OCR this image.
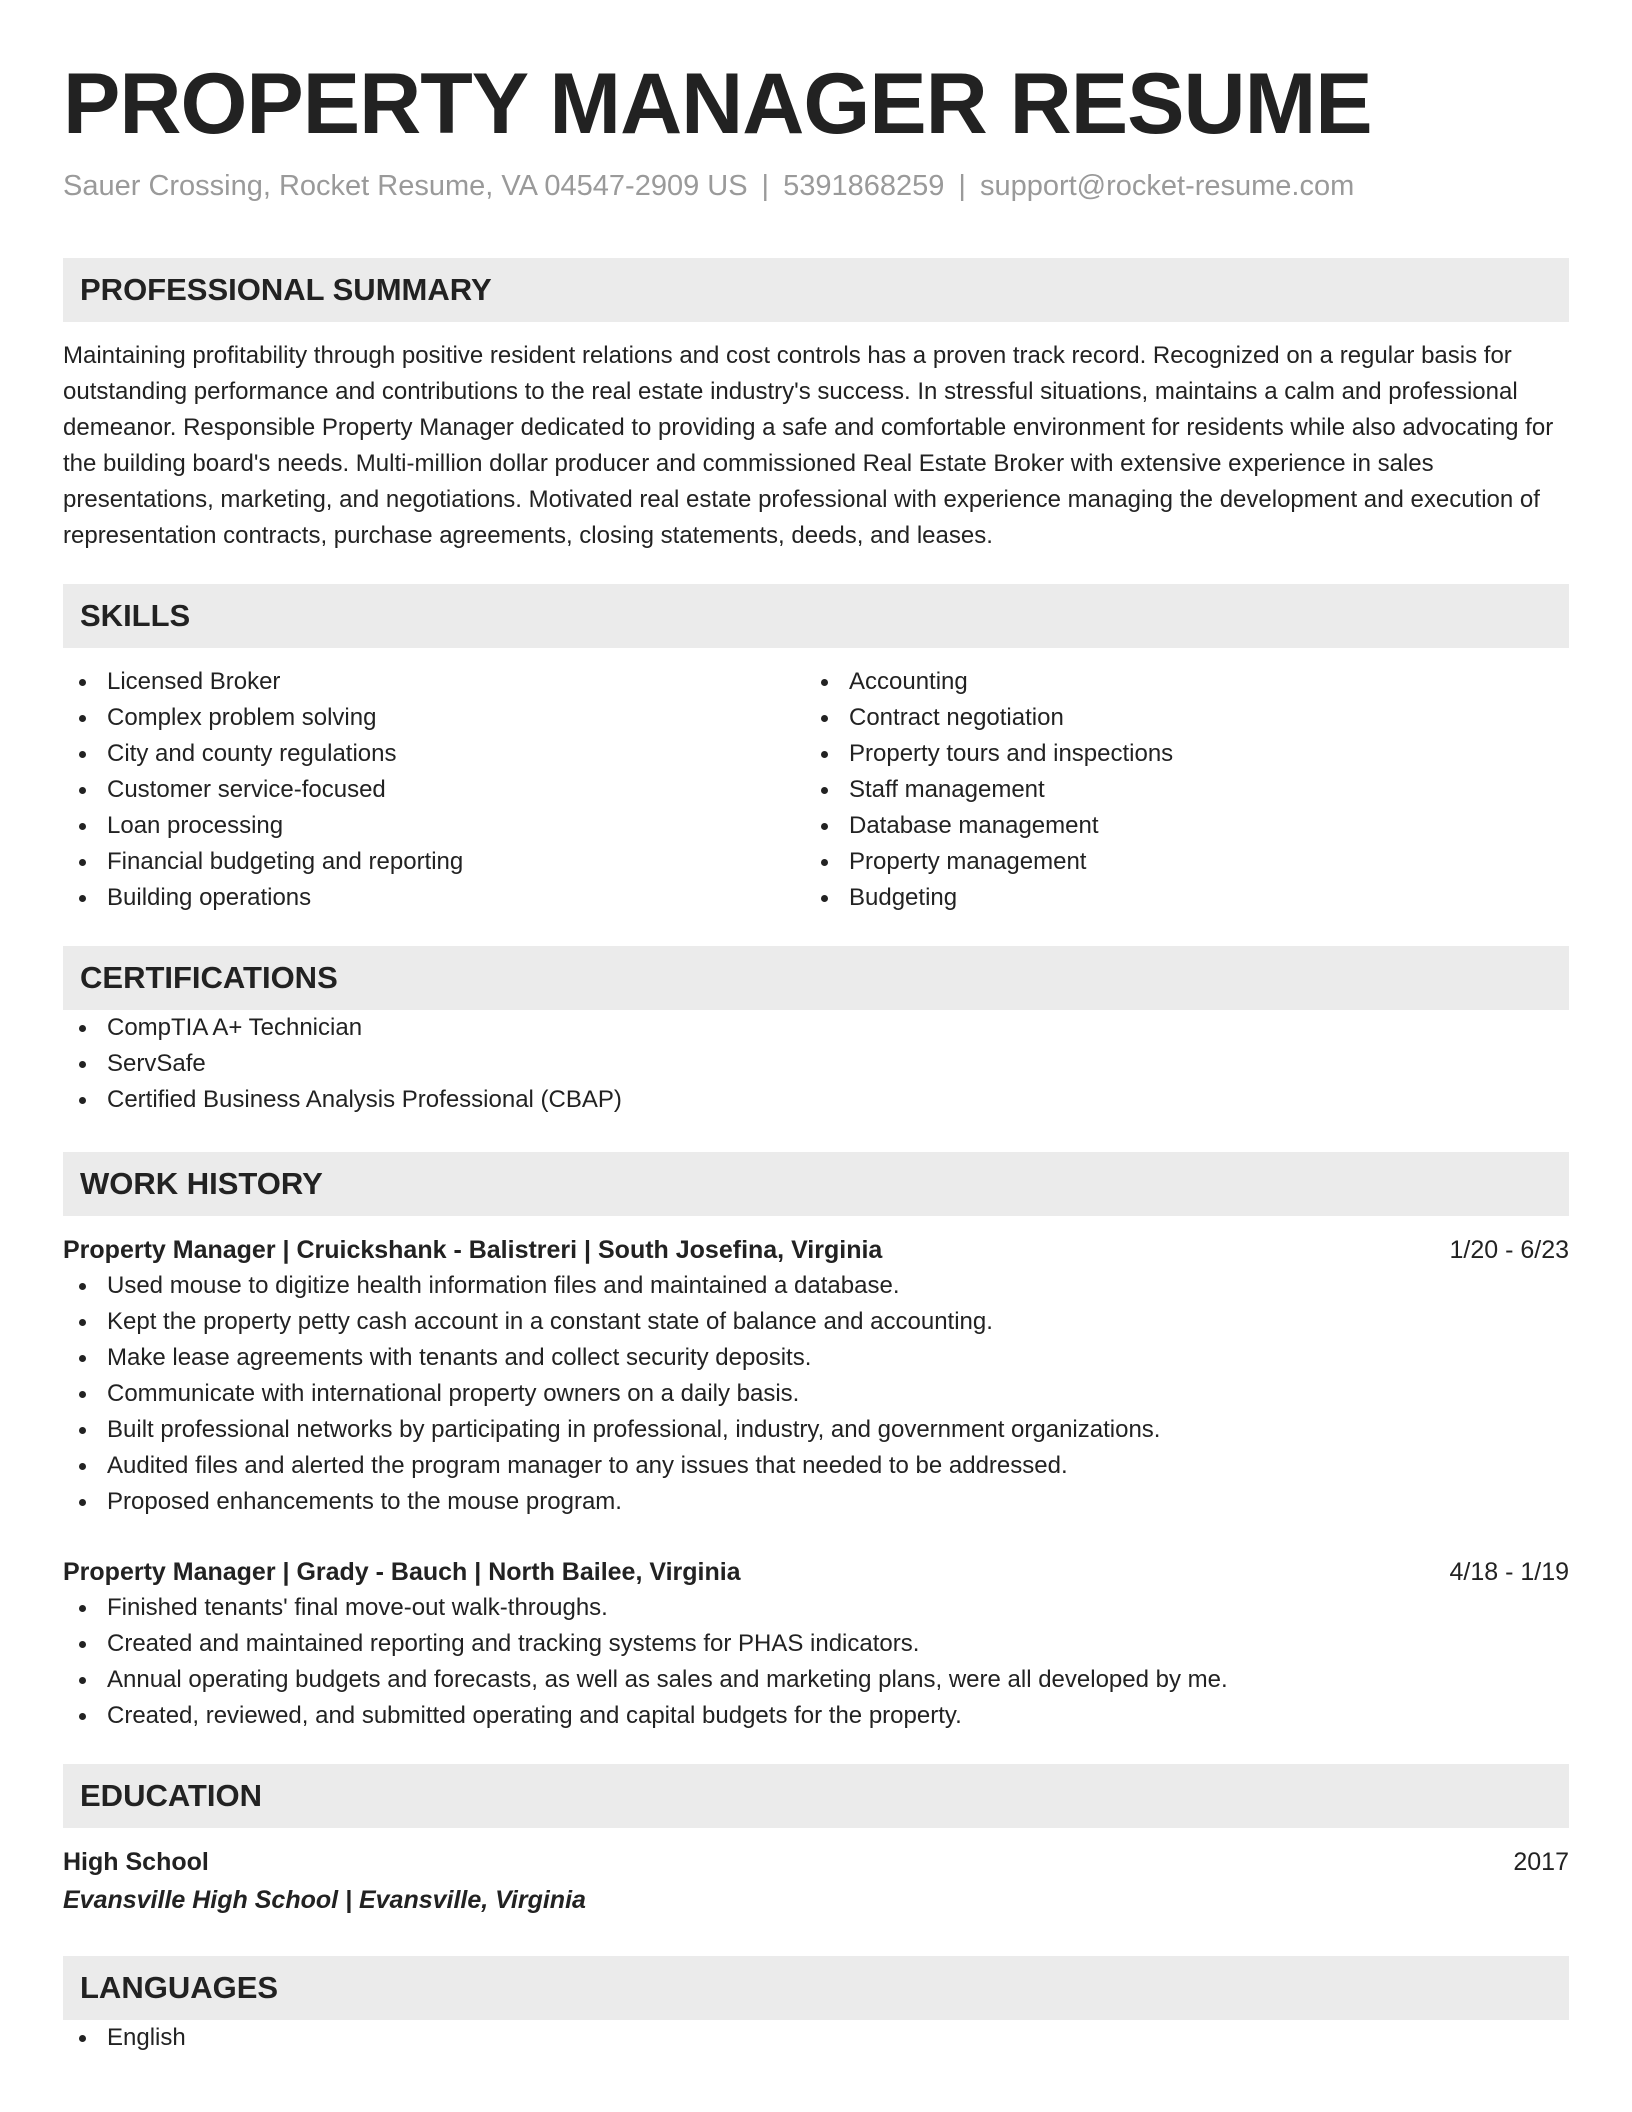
PROPERTY MANAGER RESUME
Sauer Crossing, Rocket Resume, VA 04547-2909 US | 5391868259 | support@rocket-resume.com
PROFESSIONAL SUMMARY

Maintaining profitability through positive resident relations and cost controls has a proven track record. Recognized on a regular basis for outstanding performance and contributions to the real estate industry's success. In stressful situations, maintains a calm and professional demeanor. Responsible Property Manager dedicated to providing a safe and comfortable environment for residents while also advocating for the building board's needs. Multi-million dollar producer and commissioned Real Estate Broker with extensive experience in sales presentations, marketing, and negotiations. Motivated real estate professional with experience managing the development and execution of representation contracts, purchase agreements, closing statements, deeds, and leases.

SKILLS
Licensed Broker
Complex problem solving
City and county regulations
Customer service-focused
Loan processing
Financial budgeting and reporting
Building operations
Accounting
Contract negotiation
Property tours and inspections
Staff management
Database management
Property management
Budgeting
CERTIFICATIONS
CompTIA A+ Technician
ServSafe
Certified Business Analysis Professional (CBAP)
WORK HISTORY
Property Manager | Cruickshank - Balistreri | South Josefina, Virginia	1/20 - 6/23
Used mouse to digitize health information files and maintained a database.
Kept the property petty cash account in a constant state of balance and accounting.
Make lease agreements with tenants and collect security deposits.
Communicate with international property owners on a daily basis.
Built professional networks by participating in professional, industry, and government organizations.
Audited files and alerted the program manager to any issues that needed to be addressed.
Proposed enhancements to the mouse program.
Property Manager | Grady - Bauch | North Bailee, Virginia	4/18 - 1/19
Finished tenants' final move-out walk-throughs.
Created and maintained reporting and tracking systems for PHAS indicators.
Annual operating budgets and forecasts, as well as sales and marketing plans, were all developed by me.
Created, reviewed, and submitted operating and capital budgets for the property.
EDUCATION
High School	2017
Evansville High School | Evansville, Virginia
LANGUAGES
English
